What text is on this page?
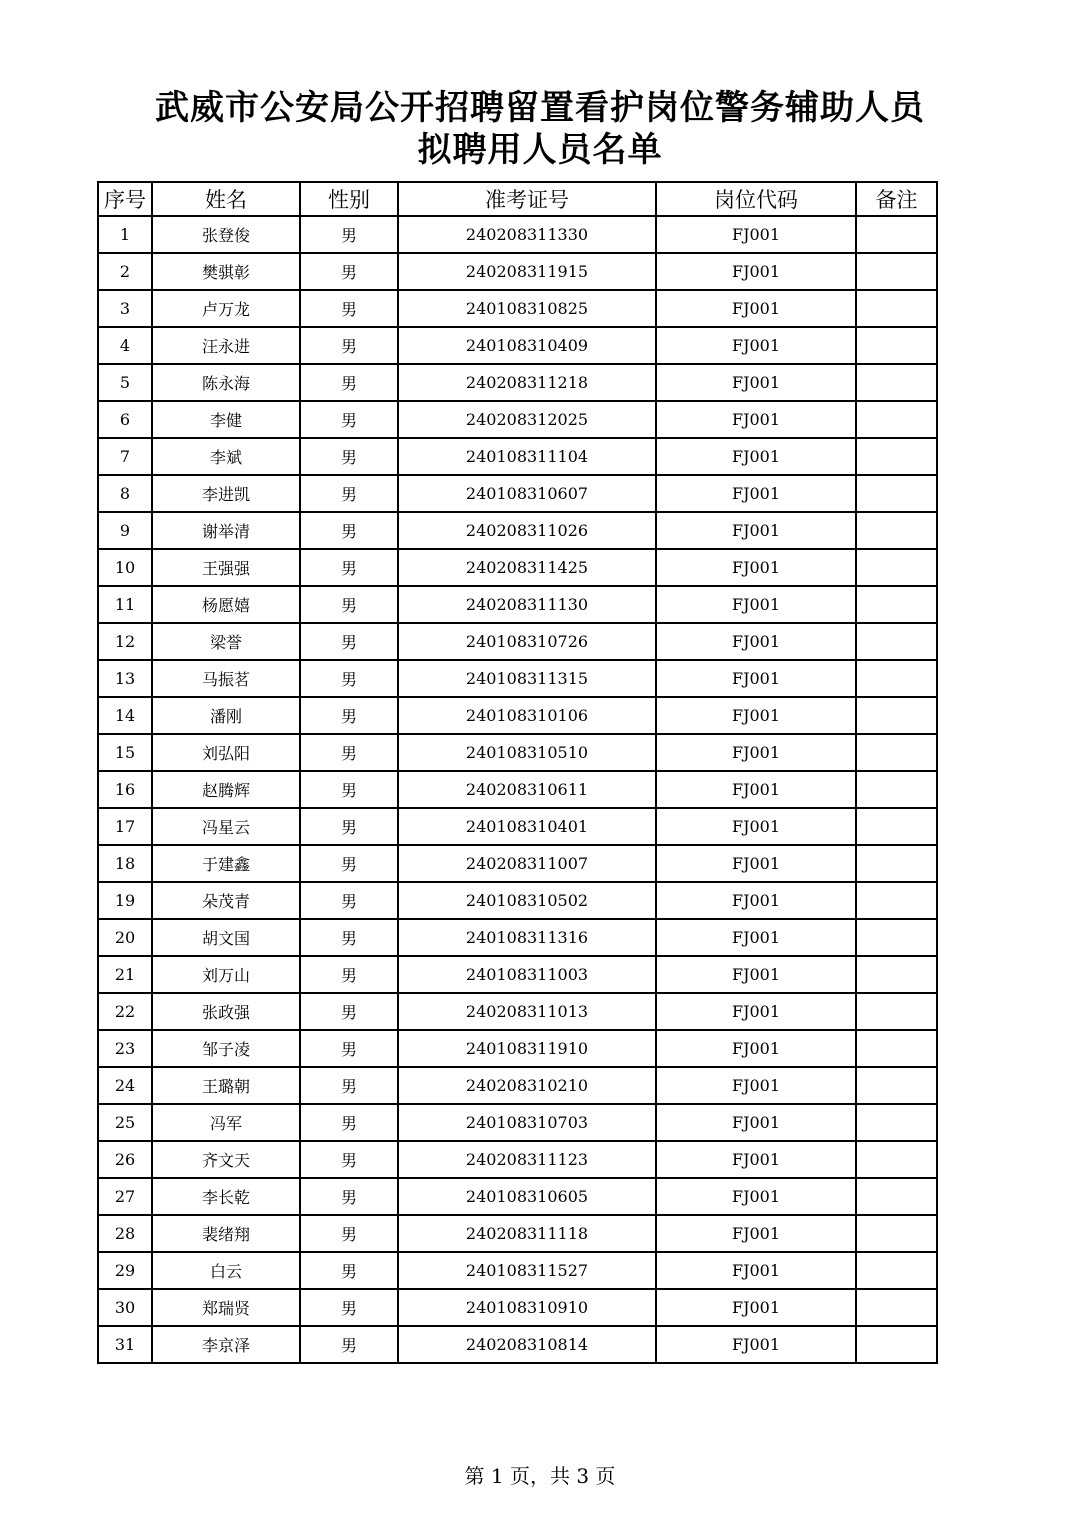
武威市公安局公开招聘留置看护岗位警务辅助人员
拟聘用人员名单
序号	姓名	性别	准考证号	岗位代码	备注
1	张登俊	男	240208311330	FJ001	
2	樊骐彰	男	240208311915	FJ001	
3	卢万龙	男	240108310825	FJ001	
4	汪永进	男	240108310409	FJ001	
5	陈永海	男	240208311218	FJ001	
6	李健	男	240208312025	FJ001	
7	李斌	男	240108311104	FJ001	
8	李进凯	男	240108310607	FJ001	
9	谢举清	男	240208311026	FJ001	
10	王强强	男	240208311425	FJ001	
11	杨愿嬉	男	240208311130	FJ001	
12	梁誉	男	240108310726	FJ001	
13	马振茗	男	240108311315	FJ001	
14	潘刚	男	240108310106	FJ001	
15	刘弘阳	男	240108310510	FJ001	
16	赵腾辉	男	240208310611	FJ001	
17	冯星云	男	240108310401	FJ001	
18	于建鑫	男	240208311007	FJ001	
19	朵茂青	男	240108310502	FJ001	
20	胡文国	男	240108311316	FJ001	
21	刘万山	男	240108311003	FJ001	
22	张政强	男	240208311013	FJ001	
23	邹子凌	男	240108311910	FJ001	
24	王璐朝	男	240208310210	FJ001	
25	冯军	男	240108310703	FJ001	
26	齐文天	男	240208311123	FJ001	
27	李长乾	男	240108310605	FJ001	
28	裴绪翔	男	240208311118	FJ001	
29	白云	男	240108311527	FJ001	
30	郑瑞贤	男	240108310910	FJ001	
31	李京泽	男	240208310814	FJ001	
第 1 页，共 3 页
